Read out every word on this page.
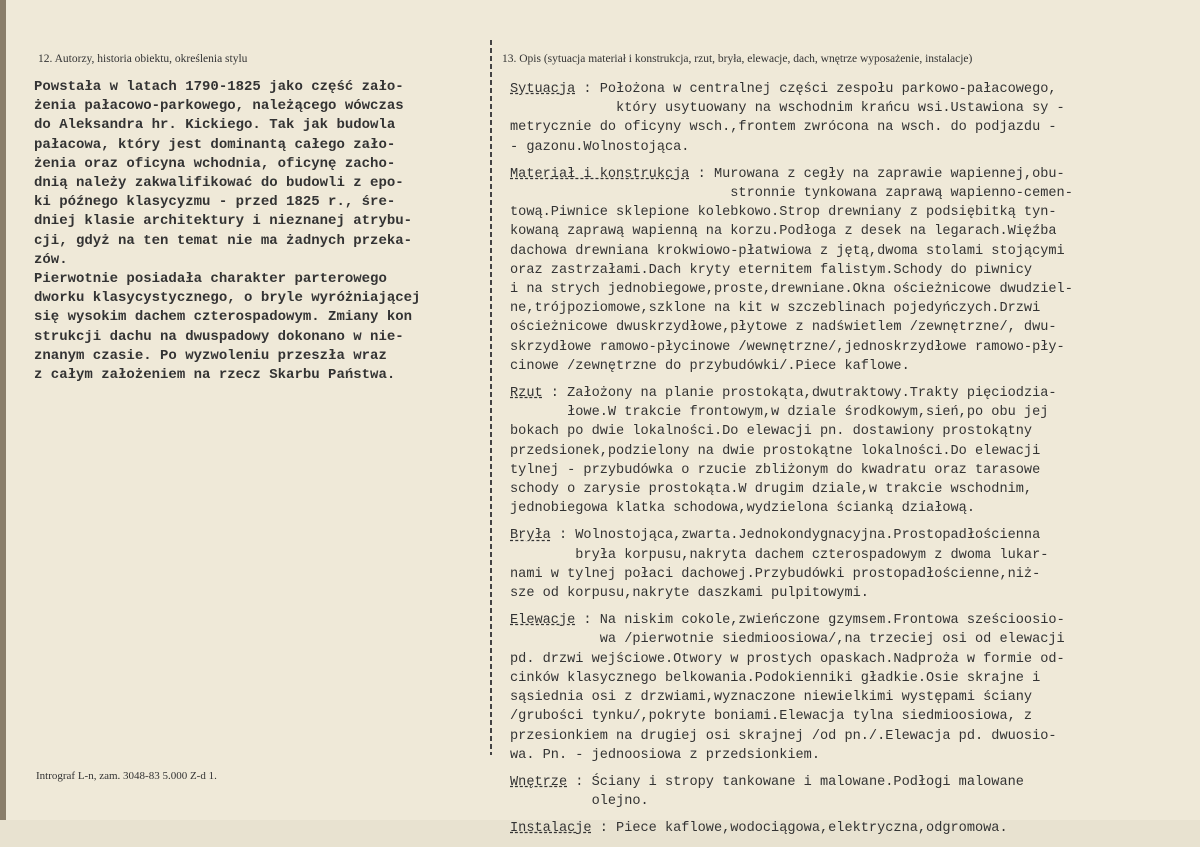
12. Autorzy, historia obiektu, określenia stylu	13. Opis (sytuacja materiał i konstrukcja, rzut, bryła, elewacje, dach, wnętrze wyposażenie, instalacje)
Powstała w latach 1790-1825 jako część zało-
żenia pałacowo-parkowego, należącego wówczas
do Aleksandra hr. Kickiego. Tak jak budowla
pałacowa, który jest dominantą całego zało-
żenia oraz oficyna wchodnia, oficynę zacho-
dnią należy zakwalifikować do budowli z epo-
ki późnego klasycyzmu - przed 1825 r., śre-
dniej klasie architektury i nieznanej atrybu-
cji, gdyż na ten temat nie ma żadnych przeka-
zów.
Pierwotnie posiadała charakter parterowego
dworku klasycystycznego, o bryle wyróżniającej
się wysokim dachem czterospadowym. Zmiany kon
strukcji dachu na dwuspadowy dokonano w nie-
znanym czasie. Po wyzwoleniu przeszła wraz
z całym założeniem na rzecz Skarbu Państwa.
Sytuacja : Położona w centralnej części zespołu parkowo-pałacowego,
który usytuowany na wschodnim krańcu wsi.Ustawiona sy -
metrycznie do oficyny wsch.,frontem zwrócona na wsch. do podjazdu -
- gazonu.Wolnostojąca.
Materiał i konstrukcja : Murowana z cegły na zaprawie wapiennej,obu-
stronnie tynkowana zaprawą wapienno-cemen-
tową.Piwnice sklepione kolebkowo.Strop drewniany z podsiębitką tyn-
kowaną zaprawą wapienną na korzu.Podłoga z desek na legarach.Więźba
dachowa drewniana krokwiowo-płatwiowa z jętą,dwoma stolami stojącymi
oraz zastrzałami.Dach kryty eternitem falistym.Schody do piwnicy
i na strych jednobiegowe,proste,drewniane.Okna ościeżnicowe dwudziel-
ne,trójpoziomowe,szklone na kit w szczeblinach pojedyńczych.Drzwi
ościeżnicowe dwuskrzydłowe,płytowe z nadświetlem /zewnętrzne/, dwu-
skrzydłowe ramowo-płycinowe /wewnętrzne/,jednoskrzydłowe ramowo-pły-
cinowe /zewnętrzne do przybudówki/.Piece kaflowe.
Rzut : Założony na planie prostokąta,dwutraktowy.Trakty pięciodzia-
łowe.W trakcie frontowym,w dziale środkowym,sień,po obu jej
bokach po dwie lokalności.Do elewacji pn. dostawiony prostokątny
przedsionek,podzielony na dwie prostokątne lokalności.Do elewacji
tylnej - przybudówka o rzucie zbliżonym do kwadratu oraz tarasowe
schody o zarysie prostokąta.W drugim dziale,w trakcie wschodnim,
jednobiegowa klatka schodowa,wydzielona ścianką działową.
Bryła : Wolnostojąca,zwarta.Jednokondygnacyjna.Prostopadłościenna
bryła korpusu,nakryta dachem czterospadowym z dwoma lukar-
nami w tylnej połaci dachowej.Przybudówki prostopadłościenne,niż-
sze od korpusu,nakryte daszkami pulpitowymi.
Elewacje : Na niskim cokole,zwieńczone gzymsem.Frontowa sześcioosio-
wa /pierwotnie siedmioosiowa/,na trzeciej osi od elewacji
pd. drzwi wejściowe.Otwory w prostych opaskach.Nadproża w formie od-
cinków klasycznego belkowania.Podokienniki gładkie.Osie skrajne i
sąsiednia osi z drzwiami,wyznaczone niewielkimi występami ściany
/grubości tynku/,pokryte boniami.Elewacja tylna siedmioosiowa, z
przesionkiem na drugiej osi skrajnej /od pn./.Elewacja pd. dwuosio-
wa. Pn. - jednoosiowa z przedsionkiem.
Wnętrze : Ściany i stropy tankowane i malowane.Podłogi malowane
olejno.
Instalacje : Piece kaflowe,wodociągowa,elektryczna,odgromowa.
Intrograf L-n, zam. 3048-83 5.000 Z-d 1.
